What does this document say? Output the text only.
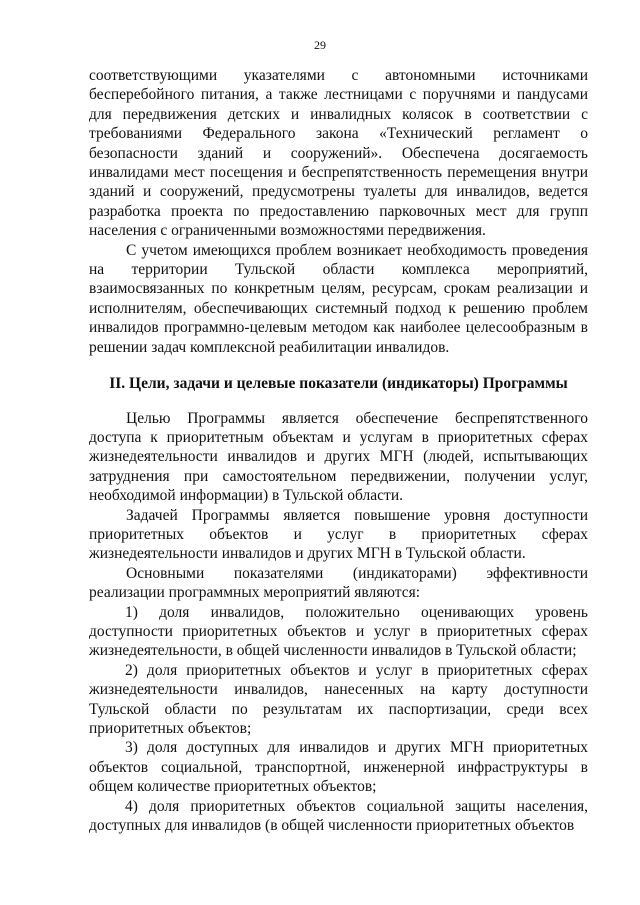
29

соответствующими указателями с автономными источниками бесперебойного питания, а также лестницами с поручнями и пандусами для передвижения детских и инвалидных колясок в соответствии с требованиями Федерального закона «Технический регламент о безопасности зданий и сооружений». Обеспечена досягаемость инвалидами мест посещения и беспрепятственность перемещения внутри зданий и сооружений, предусмотрены туалеты для инвалидов, ведется разработка проекта по предоставлению парковочных мест для групп населения с ограниченными возможностями передвижения.

С учетом имеющихся проблем возникает необходимость проведения на территории Тульской области комплекса мероприятий, взаимосвязанных по конкретным целям, ресурсам, срокам реализации и исполнителям, обеспечивающих системный подход к решению проблем инвалидов программно-целевым методом как наиболее целесообразным в решении задач комплексной реабилитации инвалидов.

II. Цели, задачи и целевые показатели (индикаторы) Программы

Целью Программы является обеспечение беспрепятственного доступа к приоритетным объектам и услугам в приоритетных сферах жизнедеятельности инвалидов и других МГН (людей, испытывающих затруднения при самостоятельном передвижении, получении услуг, необходимой информации) в Тульской области.

Задачей Программы является повышение уровня доступности приоритетных объектов и услуг в приоритетных сферах жизнедеятельности инвалидов и других МГН в Тульской области.

Основными показателями (индикаторами) эффективности реализации программных мероприятий являются:

1) доля инвалидов, положительно оценивающих уровень доступности приоритетных объектов и услуг в приоритетных сферах жизнедеятельности, в общей численности инвалидов в Тульской области;

2) доля приоритетных объектов и услуг в приоритетных сферах жизнедеятельности инвалидов, нанесенных на карту доступности Тульской области по результатам их паспортизации, среди всех приоритетных объектов;

3) доля доступных для инвалидов и других МГН приоритетных объектов социальной, транспортной, инженерной инфраструктуры в общем количестве приоритетных объектов;

4) доля приоритетных объектов социальной защиты населения, доступных для инвалидов (в общей численности приоритетных объектов
